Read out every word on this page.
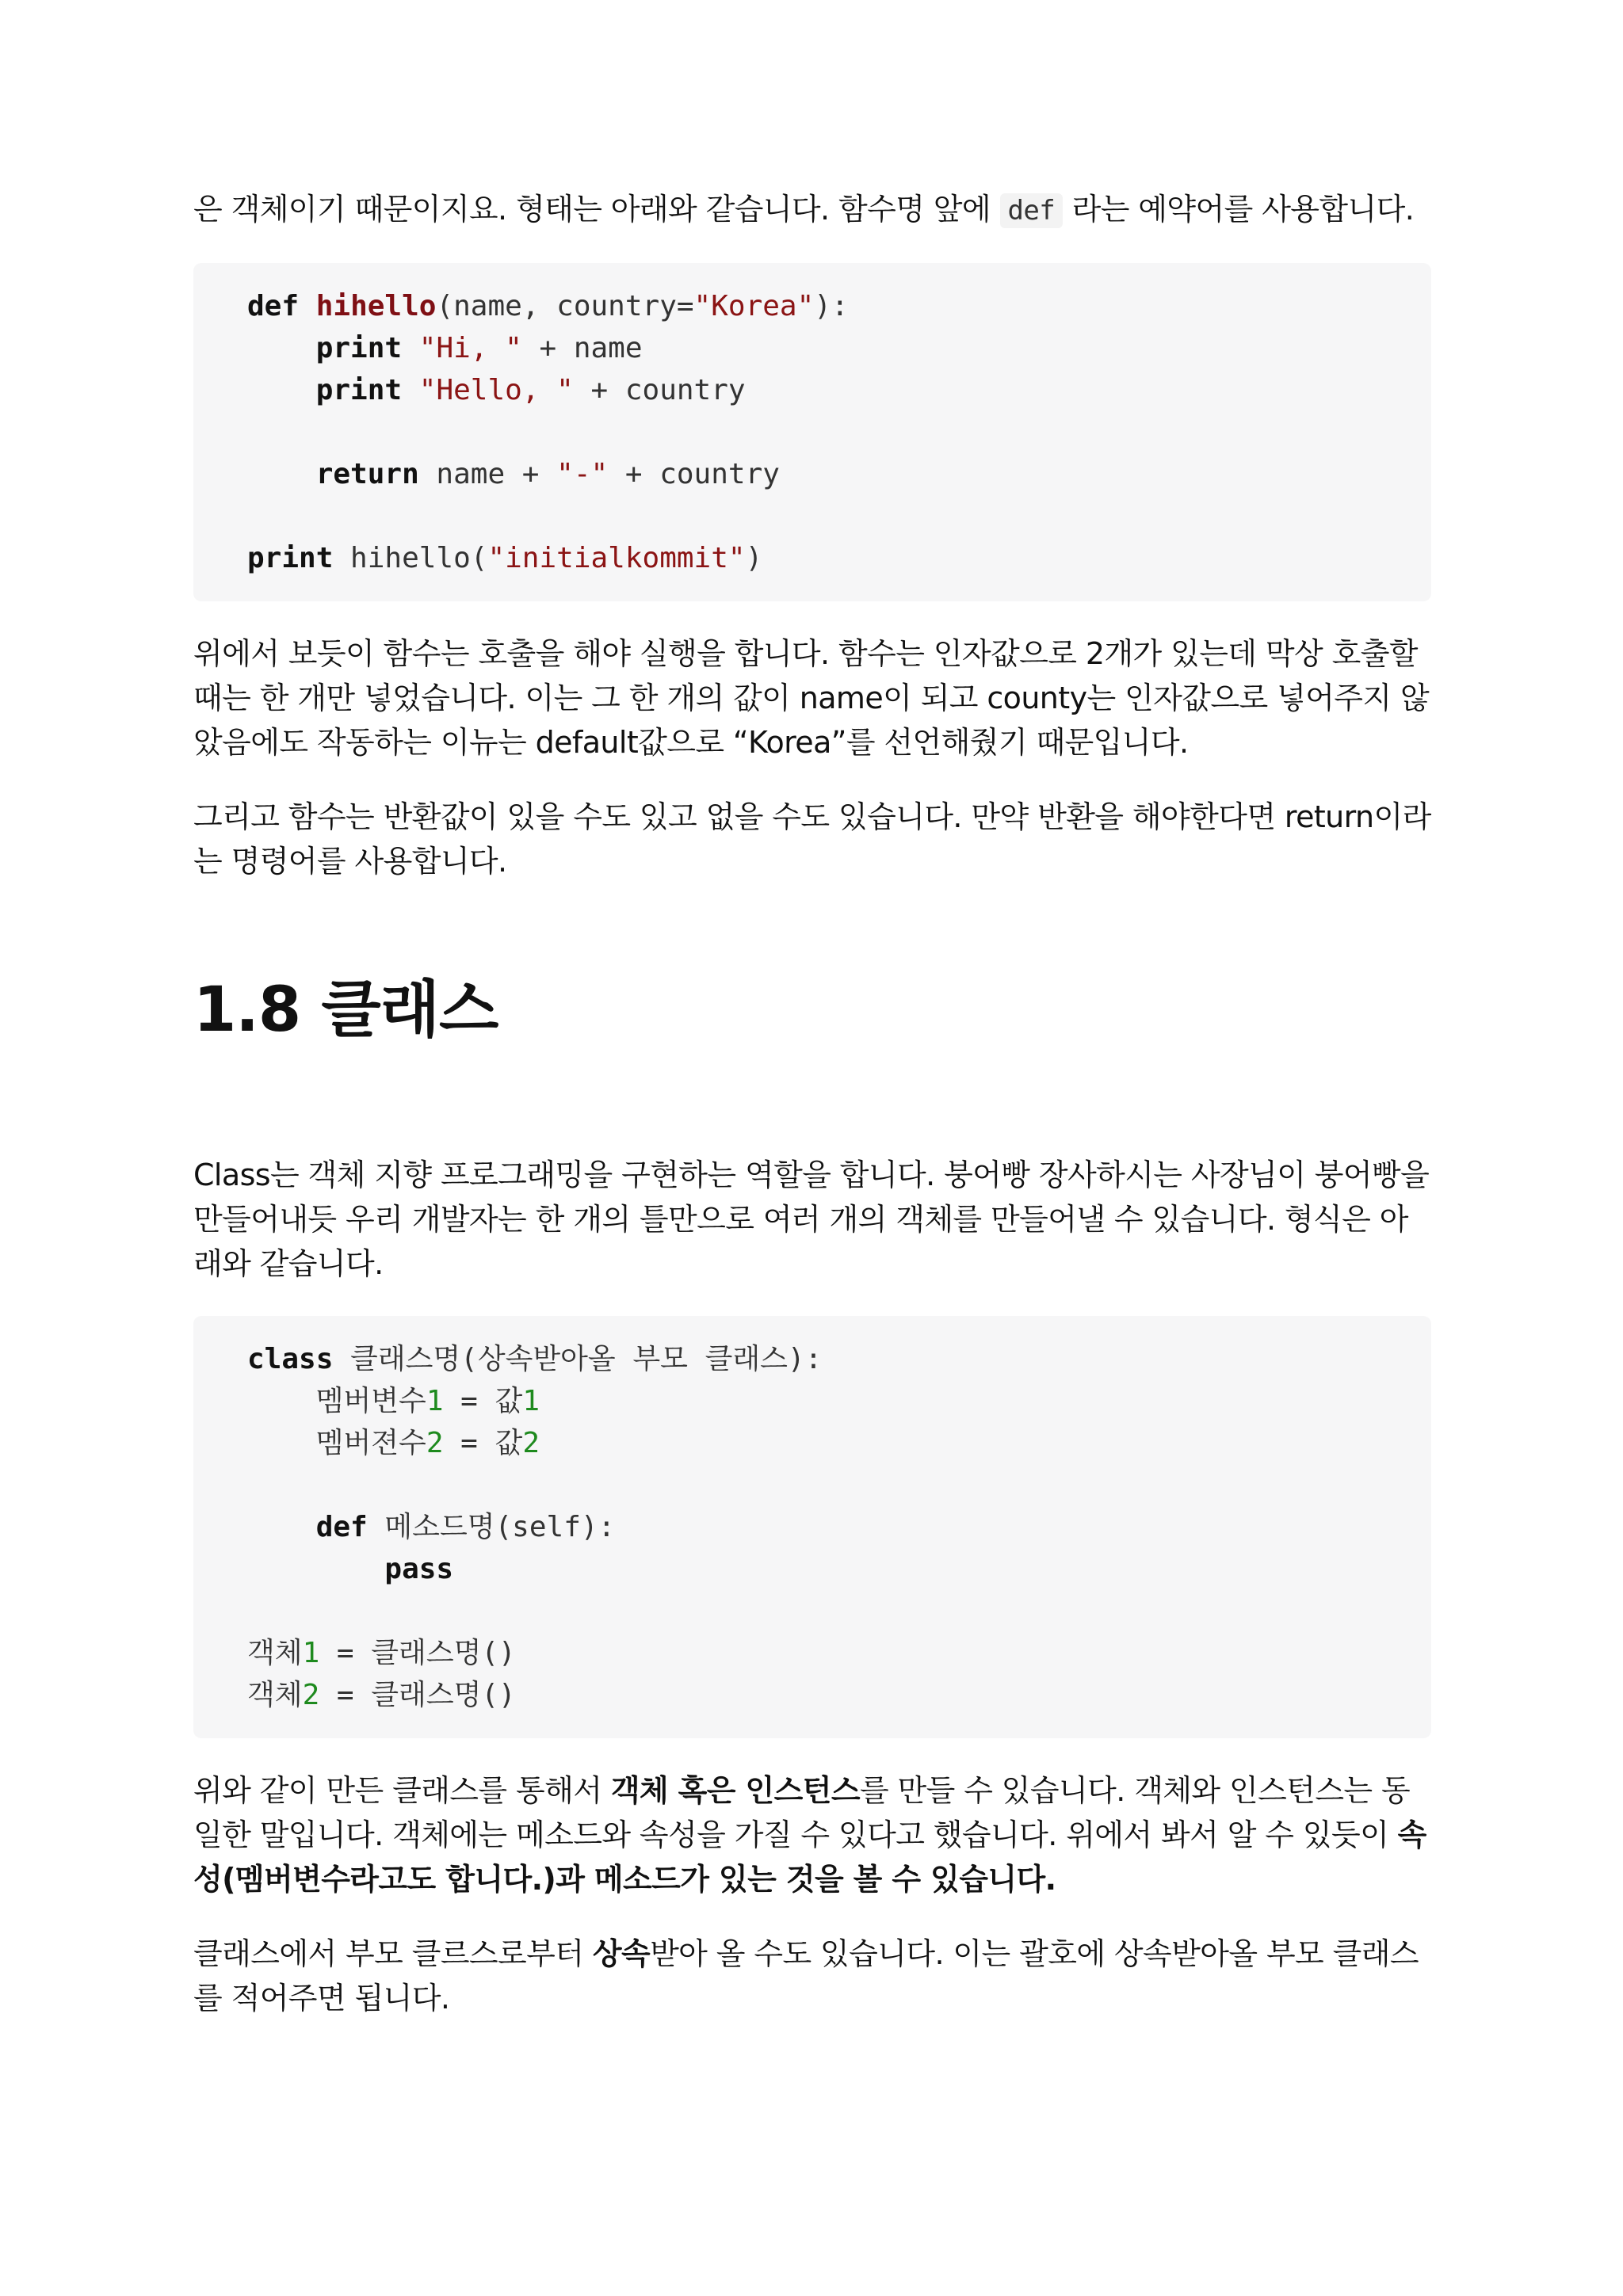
은 객체이기 때문이지요. 형태는 아래와 같습니다. 함수명 앞에 def 라는 예약어를 사용합니다.

def hihello(name, country="Korea"):
print "Hi, " + name
print "Hello, " + country

return name + "-" + country

print hihello("initialkommit")

위에서 보듯이 함수는 호출을 해야 실행을 합니다. 함수는 인자값으로 2개가 있는데 막상 호출할 때는 한 개만 넣었습니다. 이는 그 한 개의 값이 name이 되고 county는 인자값으로 넣어주지 않았음에도 작동하는 이뉴는 default값으로 “Korea”를 선언해줬기 때문입니다.

그리고 함수는 반환값이 있을 수도 있고 없을 수도 있습니다. 만약 반환을 해야한다면 return이라는 명령어를 사용합니다.

1.8 클래스

Class는 객체 지향 프로그래밍을 구현하는 역할을 합니다. 붕어빵 장사하시는 사장님이 붕어빵을 만들어내듯 우리 개발자는 한 개의 틀만으로 여러 개의 객체를 만들어낼 수 있습니다. 형식은 아래와 같습니다.

class 클래스명(상속받아올 부모 클래스):
멤버변수1 = 값1
멤버젼수2 = 값2

def 메소드명(self):
pass

객체1 = 클래스명()
객체2 = 클래스명()

위와 같이 만든 클래스를 통해서 객체 혹은 인스턴스를 만들 수 있습니다. 객체와 인스턴스는 동일한 말입니다. 객체에는 메소드와 속성을 가질 수 있다고 했습니다. 위에서 봐서 알 수 있듯이 속성(멤버변수라고도 합니다.)과 메소드가 있는 것을 볼 수 있습니다.

클래스에서 부모 클르스로부터 상속받아 올 수도 있습니다. 이는 괄호에 상속받아올 부모 클래스를 적어주면 됩니다.
